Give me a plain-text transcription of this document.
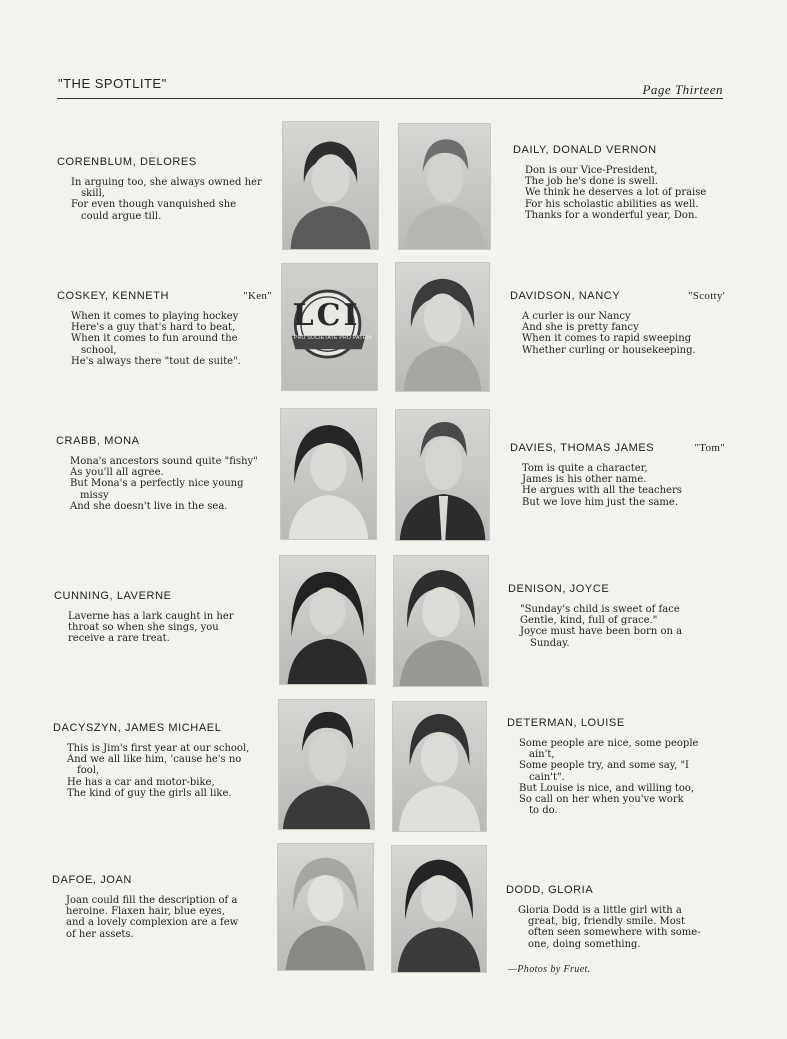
"THE SPOTLITE"	Page Thirteen
CORENBLUM, DELORES
In arguing too, she always owned her
skill,
For even though vanquished she
could argue till.
COSKEY, KENNETH	"Ken"
When it comes to playing hockey
Here's a guy that's hard to beat,
When it comes to fun around the
school,
He's always there "tout de suite".
CRABB, MONA
Mona's ancestors sound quite "fishy"
As you'll all agree.
But Mona's a perfectly nice young
missy
And she doesn't live in the sea.
CUNNING, LAVERNE
Laverne has a lark caught in her
throat so when she sings, you
receive a rare treat.
DACYSZYN, JAMES MICHAEL
This is Jim's first year at our school,
And we all like him, 'cause he's no
fool,
He has a car and motor-bike,
The kind of guy the girls all like.
DAFOE, JOAN
Joan could fill the description of a
heroine. Flaxen hair, blue eyes,
and a lovely complexion are a few
of her assets.
DAILY, DONALD VERNON
Don is our Vice-President,
The job he's done is swell.
We think he deserves a lot of praise
For his scholastic abilities as well.
Thanks for a wonderful year, Don.
DAVIDSON, NANCY	"Scotty'
A curler is our Nancy
And she is pretty fancy
When it comes to rapid sweeping
Whether curling or housekeeping.
DAVIES, THOMAS JAMES	"Tom"
Tom is quite a character,
James is his other name.
He argues with all the teachers
But we love him just the same.
DENISON, JOYCE
"Sunday's child is sweet of face
Gentle, kind, full of grace."
Joyce must have been born on a
Sunday.
DETERMAN, LOUISE
Some people are nice, some people
ain't,
Some people try, and some say, "I
cain't".
But Louise is nice, and willing too,
So call on her when you've work
to do.
DODD, GLORIA
Gloria Dodd is a little girl with a
great, big, friendly smile. Most
often seen somewhere with some-
one, doing something.
LCI
PRO SOCIETATE PRO PATRIA
—Photos by Fruet.
